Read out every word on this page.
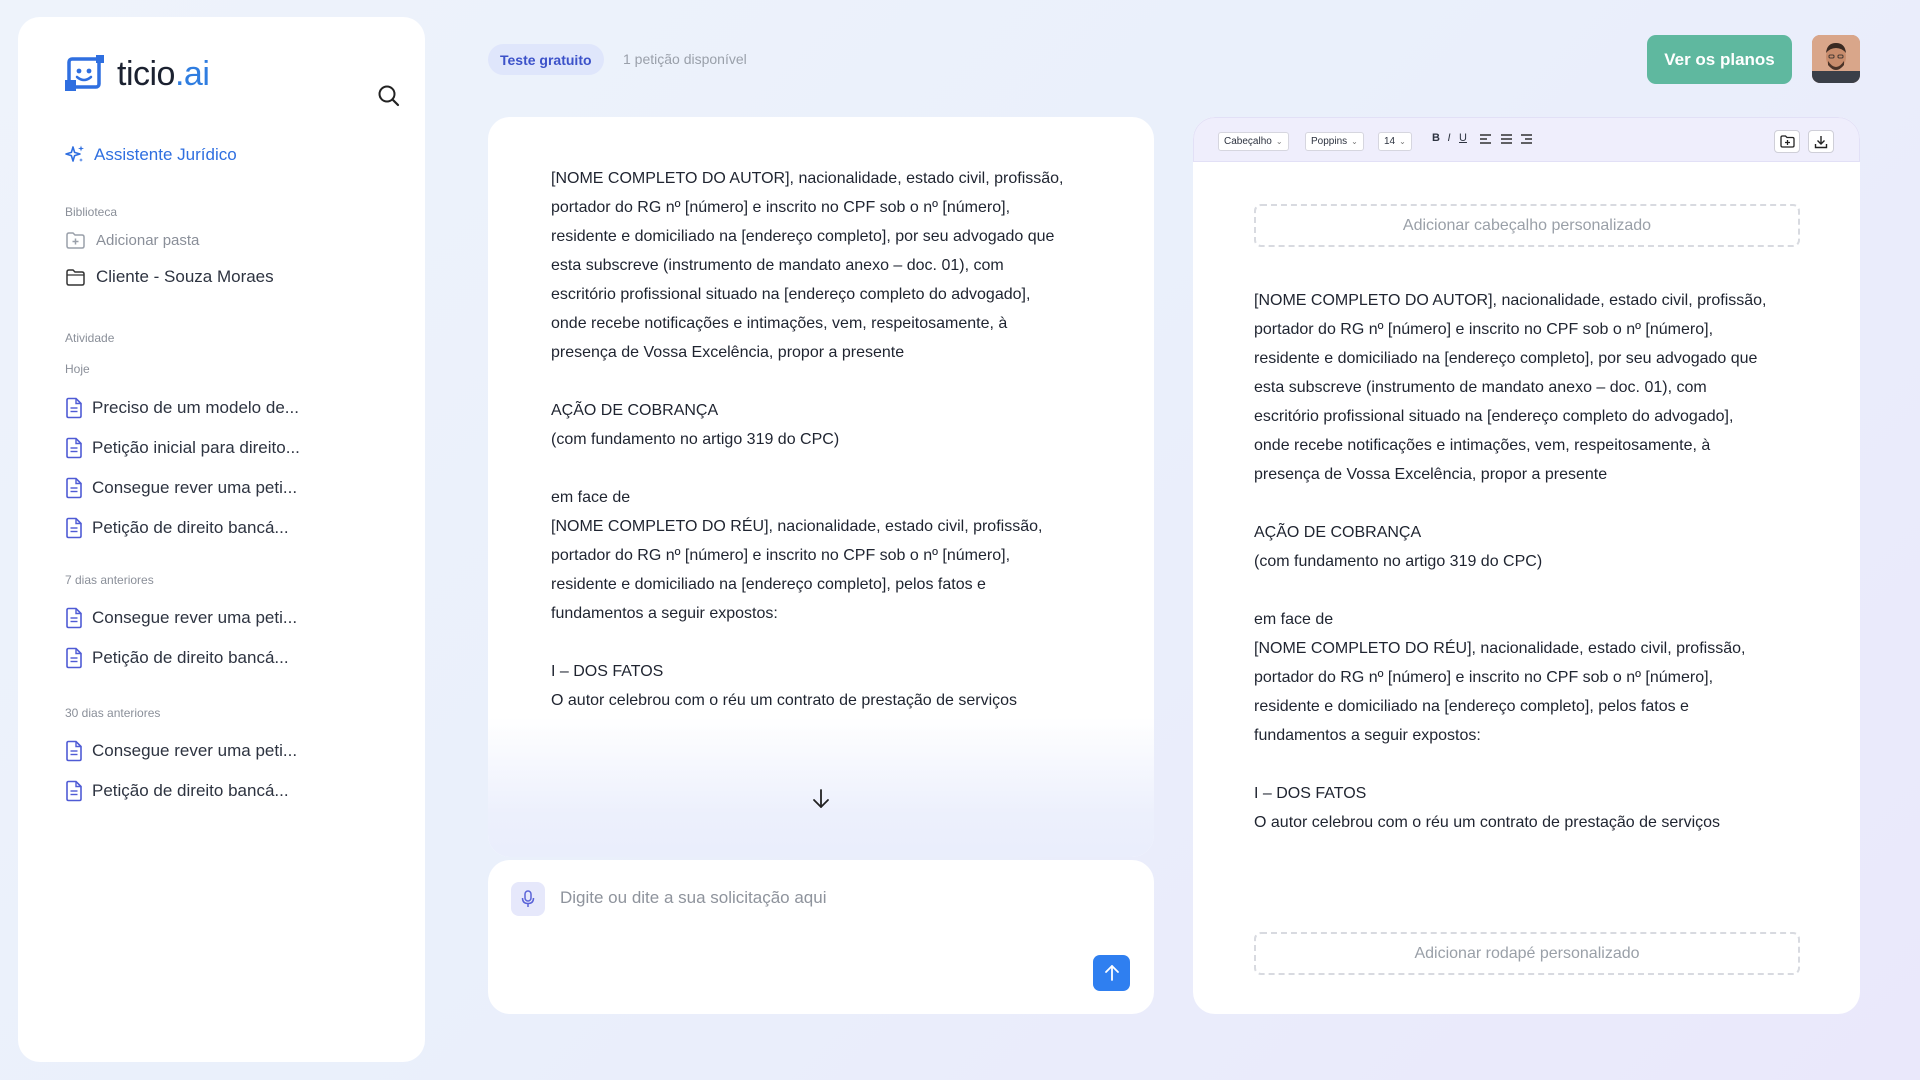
ticio.ai
Assistente Jurídico
Biblioteca
Adicionar pasta
Cliente - Souza Moraes
Atividade
Hoje
Preciso de um modelo de...
Petição inicial para direito...
Consegue rever uma peti...
Petição de direito bancá...
7 dias anteriores
Consegue rever uma peti...
Petição de direito bancá...
30 dias anteriores
Consegue rever uma peti...
Petição de direito bancá...
Teste gratuito	1 petição disponível	Ver os planos

[NOME COMPLETO DO AUTOR], nacionalidade, estado civil, profissão,

portador do RG nº [número] e inscrito no CPF sob o nº [número],

residente e domiciliado na [endereço completo], por seu advogado que

esta subscreve (instrumento de mandato anexo – doc. 01), com

escritório profissional situado na [endereço completo do advogado],

onde recebe notificações e intimações, vem, respeitosamente, à

presença de Vossa Excelência, propor a presente

AÇÃO DE COBRANÇA

(com fundamento no artigo 319 do CPC)

em face de

[NOME COMPLETO DO RÉU], nacionalidade, estado civil, profissão,

portador do RG nº [número] e inscrito no CPF sob o nº [número],

residente e domiciliado na [endereço completo], pelos fatos e

fundamentos a seguir expostos:

I – DOS FATOS

O autor celebrou com o réu um contrato de prestação de serviços

Digite ou dite a sua solicitação aqui
Cabeçalho ⌄	Poppins ⌄	14 ⌄	B I U
Adicionar cabeçalho personalizado

[NOME COMPLETO DO AUTOR], nacionalidade, estado civil, profissão,

portador do RG nº [número] e inscrito no CPF sob o nº [número],

residente e domiciliado na [endereço completo], por seu advogado que

esta subscreve (instrumento de mandato anexo – doc. 01), com

escritório profissional situado na [endereço completo do advogado],

onde recebe notificações e intimações, vem, respeitosamente, à

presença de Vossa Excelência, propor a presente

AÇÃO DE COBRANÇA

(com fundamento no artigo 319 do CPC)

em face de

[NOME COMPLETO DO RÉU], nacionalidade, estado civil, profissão,

portador do RG nº [número] e inscrito no CPF sob o nº [número],

residente e domiciliado na [endereço completo], pelos fatos e

fundamentos a seguir expostos:

I – DOS FATOS

O autor celebrou com o réu um contrato de prestação de serviços

Adicionar rodapé personalizado
